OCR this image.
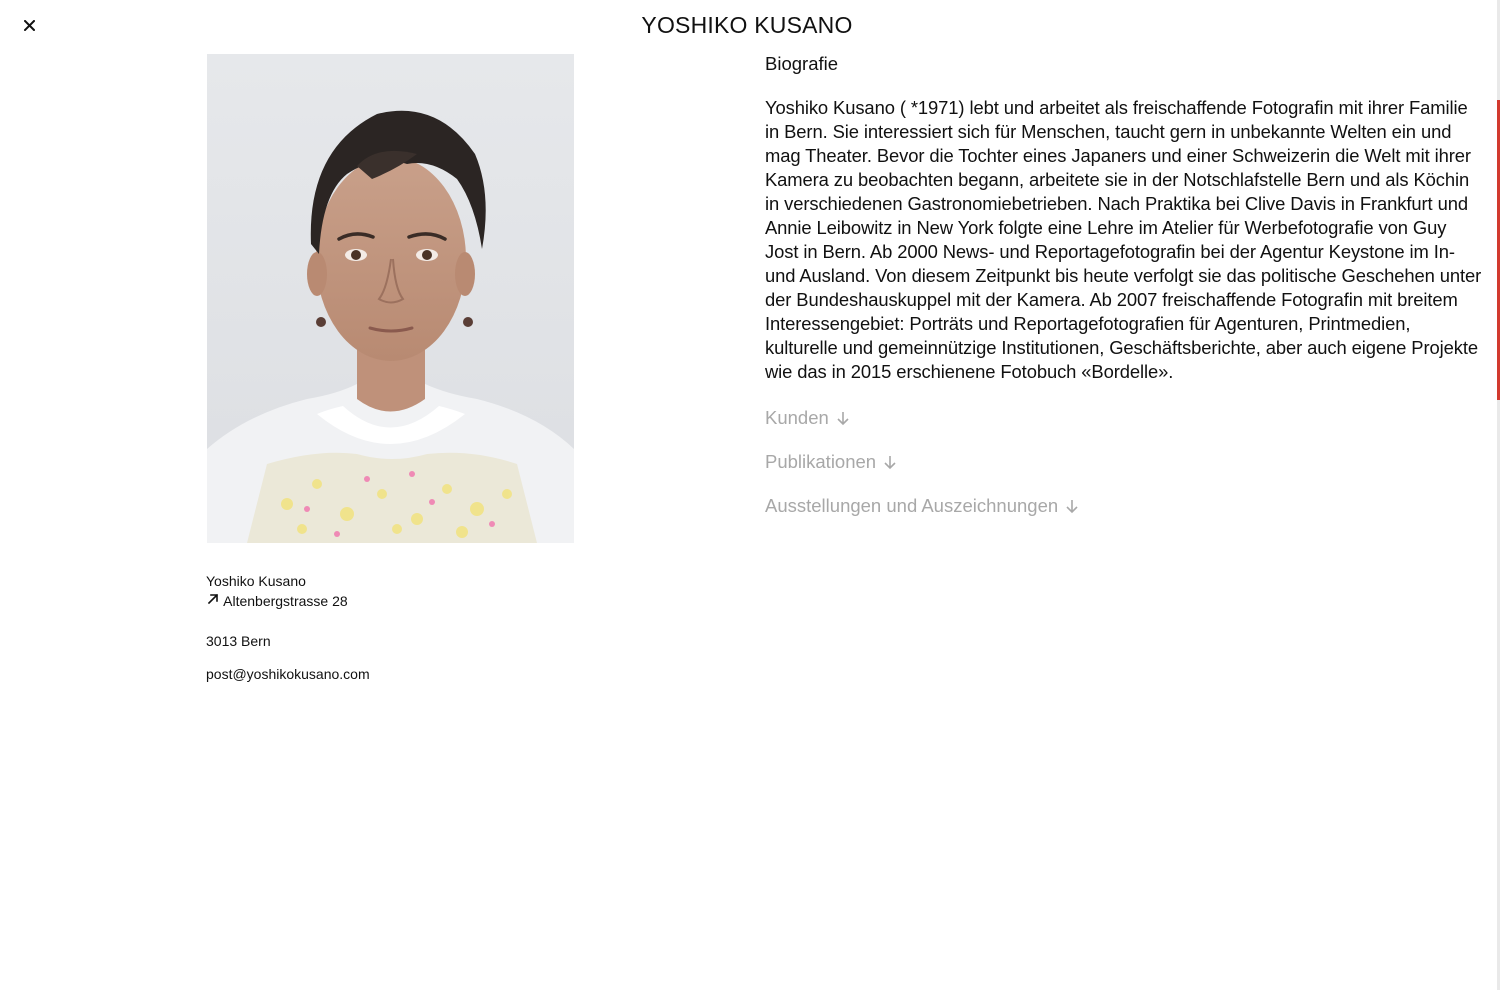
YOSHIKO KUSANO
Yoshiko Kusano
Altenbergstrasse 28
3013 Bern
post@yoshikokusano.com
Biografie
Yoshiko Kusano ( *1971) lebt und arbeitet als freischaffende Fotografin mit ihrer Familie in Bern. Sie interessiert sich für Menschen, taucht gern in unbekannte Welten ein und mag Theater. Bevor die Tochter eines Japaners und einer Schweizerin die Welt mit ihrer Kamera zu beobachten begann, arbeitete sie in der Notschlafstelle Bern und als Köchin in verschiedenen Gastronomiebetrieben. Nach Praktika bei Clive Davis in Frankfurt und Annie Leibowitz in New York folgte eine Lehre im Atelier für Werbefotografie von Guy Jost in Bern. Ab 2000 News- und Reportagefotografin bei der Agentur Keystone im In- und Ausland. Von diesem Zeitpunkt bis heute verfolgt sie das politische Geschehen unter der Bundeshauskuppel mit der Kamera. Ab 2007 freischaffende Fotografin mit breitem Interessengebiet: Porträts und Reportagefotografien für Agenturen, Printmedien, kulturelle und gemeinnützige Institutionen, Geschäftsberichte, aber auch eigene Projekte wie das in 2015 erschienene Fotobuch «Bordelle».
Kunden
Publikationen
Ausstellungen und Auszeichnungen
